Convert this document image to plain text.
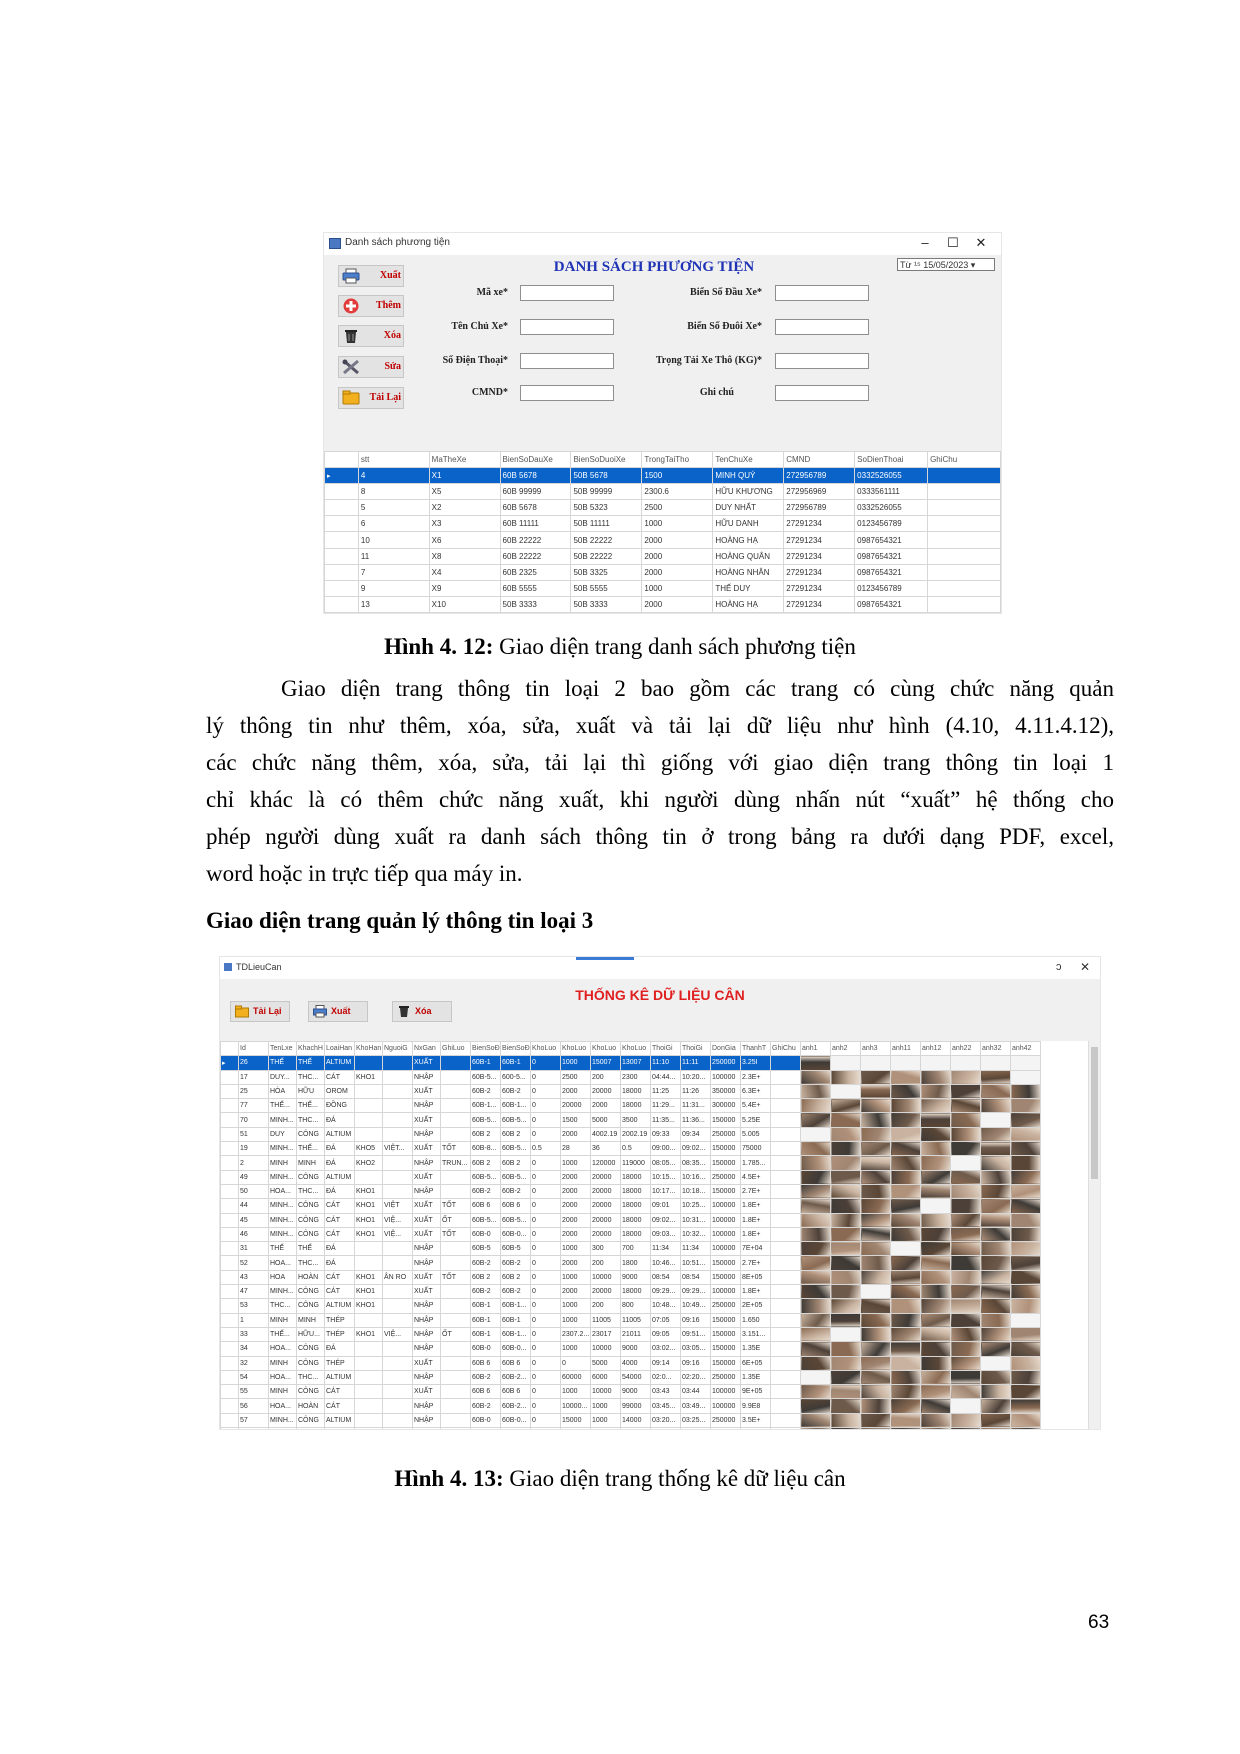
Danh sách phương tiện	–	☐	✕
DANH SÁCH PHƯƠNG TIỆN	Từ ¹⁵ 15/05/2023 ▾
Xuất
Thêm
Xóa
Sửa
Tải Lại
Mã xe*
Tên Chủ Xe*
Số Điện Thoại*
CMND*
Biển Số Đầu Xe*
Biển Số Đuôi Xe*
Trọng Tải Xe Thô (KG)*
Ghi chú
	stt	MaTheXe	BienSoDauXe	BienSoDuoiXe	TrongTaiTho	TenChuXe	CMND	SoDienThoai	GhiChu
▸	4	X1	60B 5678	50B 5678	1500	MINH QUÝ	272956789	0332526055	
	8	X5	60B 99999	50B 99999	2300.6	HỮU KHƯƠNG	272956969	0333561111	
	5	X2	60B 5678	50B 5323	2500	DUY NHẤT	272956789	0332526055	
	6	X3	60B 11111	50B 11111	1000	HỮU DANH	27291234	0123456789	
	10	X6	60B 22222	50B 22222	2000	HOÀNG HẠ	27291234	0987654321	
	11	X8	60B 22222	50B 22222	2000	HOÀNG QUÂN	27291234	0987654321	
	7	X4	60B 2325	50B 3325	2000	HOÀNG NHÂN	27291234	0987654321	
	9	X9	60B 5555	50B 5555	1000	THẾ DUY	27291234	0123456789	
	13	X10	50B 3333	50B 3333	2000	HOÀNG HẠ	27291234	0987654321	

Hình 4. 12: Giao diện trang danh sách phương tiện
Giao diện trang thông tin loại 2 bao gồm các trang có cùng chức năng quản
lý thông tin như thêm, xóa, sửa, xuất và tải lại dữ liệu như hình (4.10, 4.11.4.12),
các chức năng thêm, xóa, sửa, tải lại thì giống với giao diện trang thông tin loại 1
chỉ khác là có thêm chức năng xuất, khi người dùng nhấn nút “xuất” hệ thống cho
phép người dùng xuất ra danh sách thông tin ở trong bảng ra dưới dạng PDF, excel,
word hoặc in trực tiếp qua máy in.
Giao diện trang quản lý thông tin loại 3
TDLieuCan	ɔ ✕
THỐNG KÊ DỮ LIỆU CÂN
Tải Lại	Xuất	Xóa
	Id	TenLxe	KhachH	LoaiHan	KhoHan	NguoiG	NxGan	GhiLuo	BienSoĐ	BienSoĐ	KhoLuo	KhoLuo	KhoLuo	KhoLuo	ThoiGi	ThoiGi	DonGia	ThanhT	GhiChu	anh1	anh2	anh3	anh11	anh12	anh22	anh32	anh42
▸	26	THẾ	THẾ	ALTIUM			XUẤT		60B-1	60B-1	0	1000	15007	13007	11:10	11:11	250000	3.25I									
	17	DUY...	THC...	CÁT	KHO1		NHẬP		60B-5...	600-5...	0	2500	200	2300	04:44...	10:20...	100000	2.3E+									
	25	HÒA	HỮU	OROM			XUẤT		60B-2	60B-2	0	2000	20000	18000	11:25	11:26	350000	6.3E+									
	77	THẾ...	THẾ...	ĐỒNG			NHẬP		60B-1...	60B-1...	0	20000	2000	18000	11:29...	11:31...	300000	5.4E+									
	70	MINH...	THC...	ĐÁ			XUẤT		60B-5...	60B-5...	0	1500	5000	3500	11:35...	11:36...	150000	5.25E									
	51	DUY	CÔNG	ALTIUM			NHẬP		60B 2	60B 2	0	2000	4002.19	2002.19	09:33	09:34	250000	5.005									
	19	MINH...	THẾ...	ĐÁ	KHO5	VIỆT...	XUẤT	TỐT	60B-8...	60B-5...	0.5	28	36	0.5	09:00...	09:02...	150000	75000									
	2	MINH	MINH	ĐÁ	KHO2		NHẬP	TRUN...	60B 2	60B 2	0	1000	120000	119000	08:05...	08:35...	150000	1.785...									
	49	MINH...	CÔNG	ALTIUM			XUẤT		60B-5...	60B-5...	0	2000	20000	18000	10:15...	10:16...	250000	4.5E+									
	50	HOA...	THC...	ĐÁ	KHO1		NHẬP		60B-2	60B-2	0	2000	20000	18000	10:17...	10:18...	150000	2.7E+									
	44	MINH...	CÔNG	CÁT	KHO1	VIỆT	XUẤT	TỐT	60B 6	60B 6	0	2000	20000	18000	09:01	10:25...	100000	1.8E+									
	45	MINH...	CÔNG	CÁT	KHO1	VIỆ...	XUẤT	ỐT	60B-5...	60B-5...	0	2000	20000	18000	09:02...	10:31...	100000	1.8E+									
	46	MINH...	CÔNG	CÁT	KHO1	VIỆ...	XUẤT	TỐT	60B-0	60B-0...	0	2000	20000	18000	09:03...	10:32...	100000	1.8E+									
	31	THẾ	THẾ	ĐÁ			NHẬP		60B-5	60B-5	0	1000	300	700	11:34	11:34	100000	7E+04									
	52	HOA...	THC...	ĐÁ			NHẬP		60B-2	60B-2	0	2000	200	1800	10:46...	10:51...	150000	2.7E+									
	43	HOA	HOÀN	CÁT	KHO1	ÂN RO	XUẤT	TỐT	60B 2	60B 2	0	1000	10000	9000	08:54	08:54	150000	8E+05									
	47	MINH...	CÔNG	CÁT	KHO1		XUẤT		60B-2	60B-2	0	2000	20000	18000	09:29...	09:29...	100000	1.8E+									
	53	THC...	CÔNG	ALTIUM	KHO1		NHẬP		60B-1	60B-1...	0	1000	200	800	10:48...	10:49...	250000	2E+05									
	1	MINH	MINH	THÉP			NHẬP		60B-1	60B-1	0	1000	11005	11005	07:05	09:16	150000	1.650									
	33	THẾ...	HỮU...	THÉP	KHO1	VIỆ...	NHẬP	ỐT	60B-1	60B-1...	0	2307.2...	23017	21011	09:05	09:51...	150000	3.151...									
	34	HOA...	CÔNG	ĐÁ			NHẬP		60B-0	60B-0...	0	1000	10000	9000	03:02...	03:05...	150000	1.35E									
	32	MINH	CÔNG	THÉP			XUẤT		60B 6	60B 6	0	0	5000	4000	09:14	09:16	150000	6E+05									
	54	HOA...	THC...	ALTIUM			NHẬP		60B-2	60B-2...	0	60000	6000	54000	02:0...	02:20...	250000	1.35E									
	55	MINH	CÔNG	CÁT			XUẤT		60B 6	60B 6	0	1000	10000	9000	03:43	03:44	100000	9E+05									
	56	HOA...	HOÀN	CÁT			NHẬP		60B-2	60B-2...	0	10000...	1000	99000	03:45...	03:49...	100000	9.9E8									
	57	MINH...	CÔNG	ALTIUM			NHẬP		60B-0	60B-0...	0	15000	1000	14000	03:20...	03:25...	250000	3.5E+									

Hình 4. 13: Giao diện trang thống kê dữ liệu cân
63
